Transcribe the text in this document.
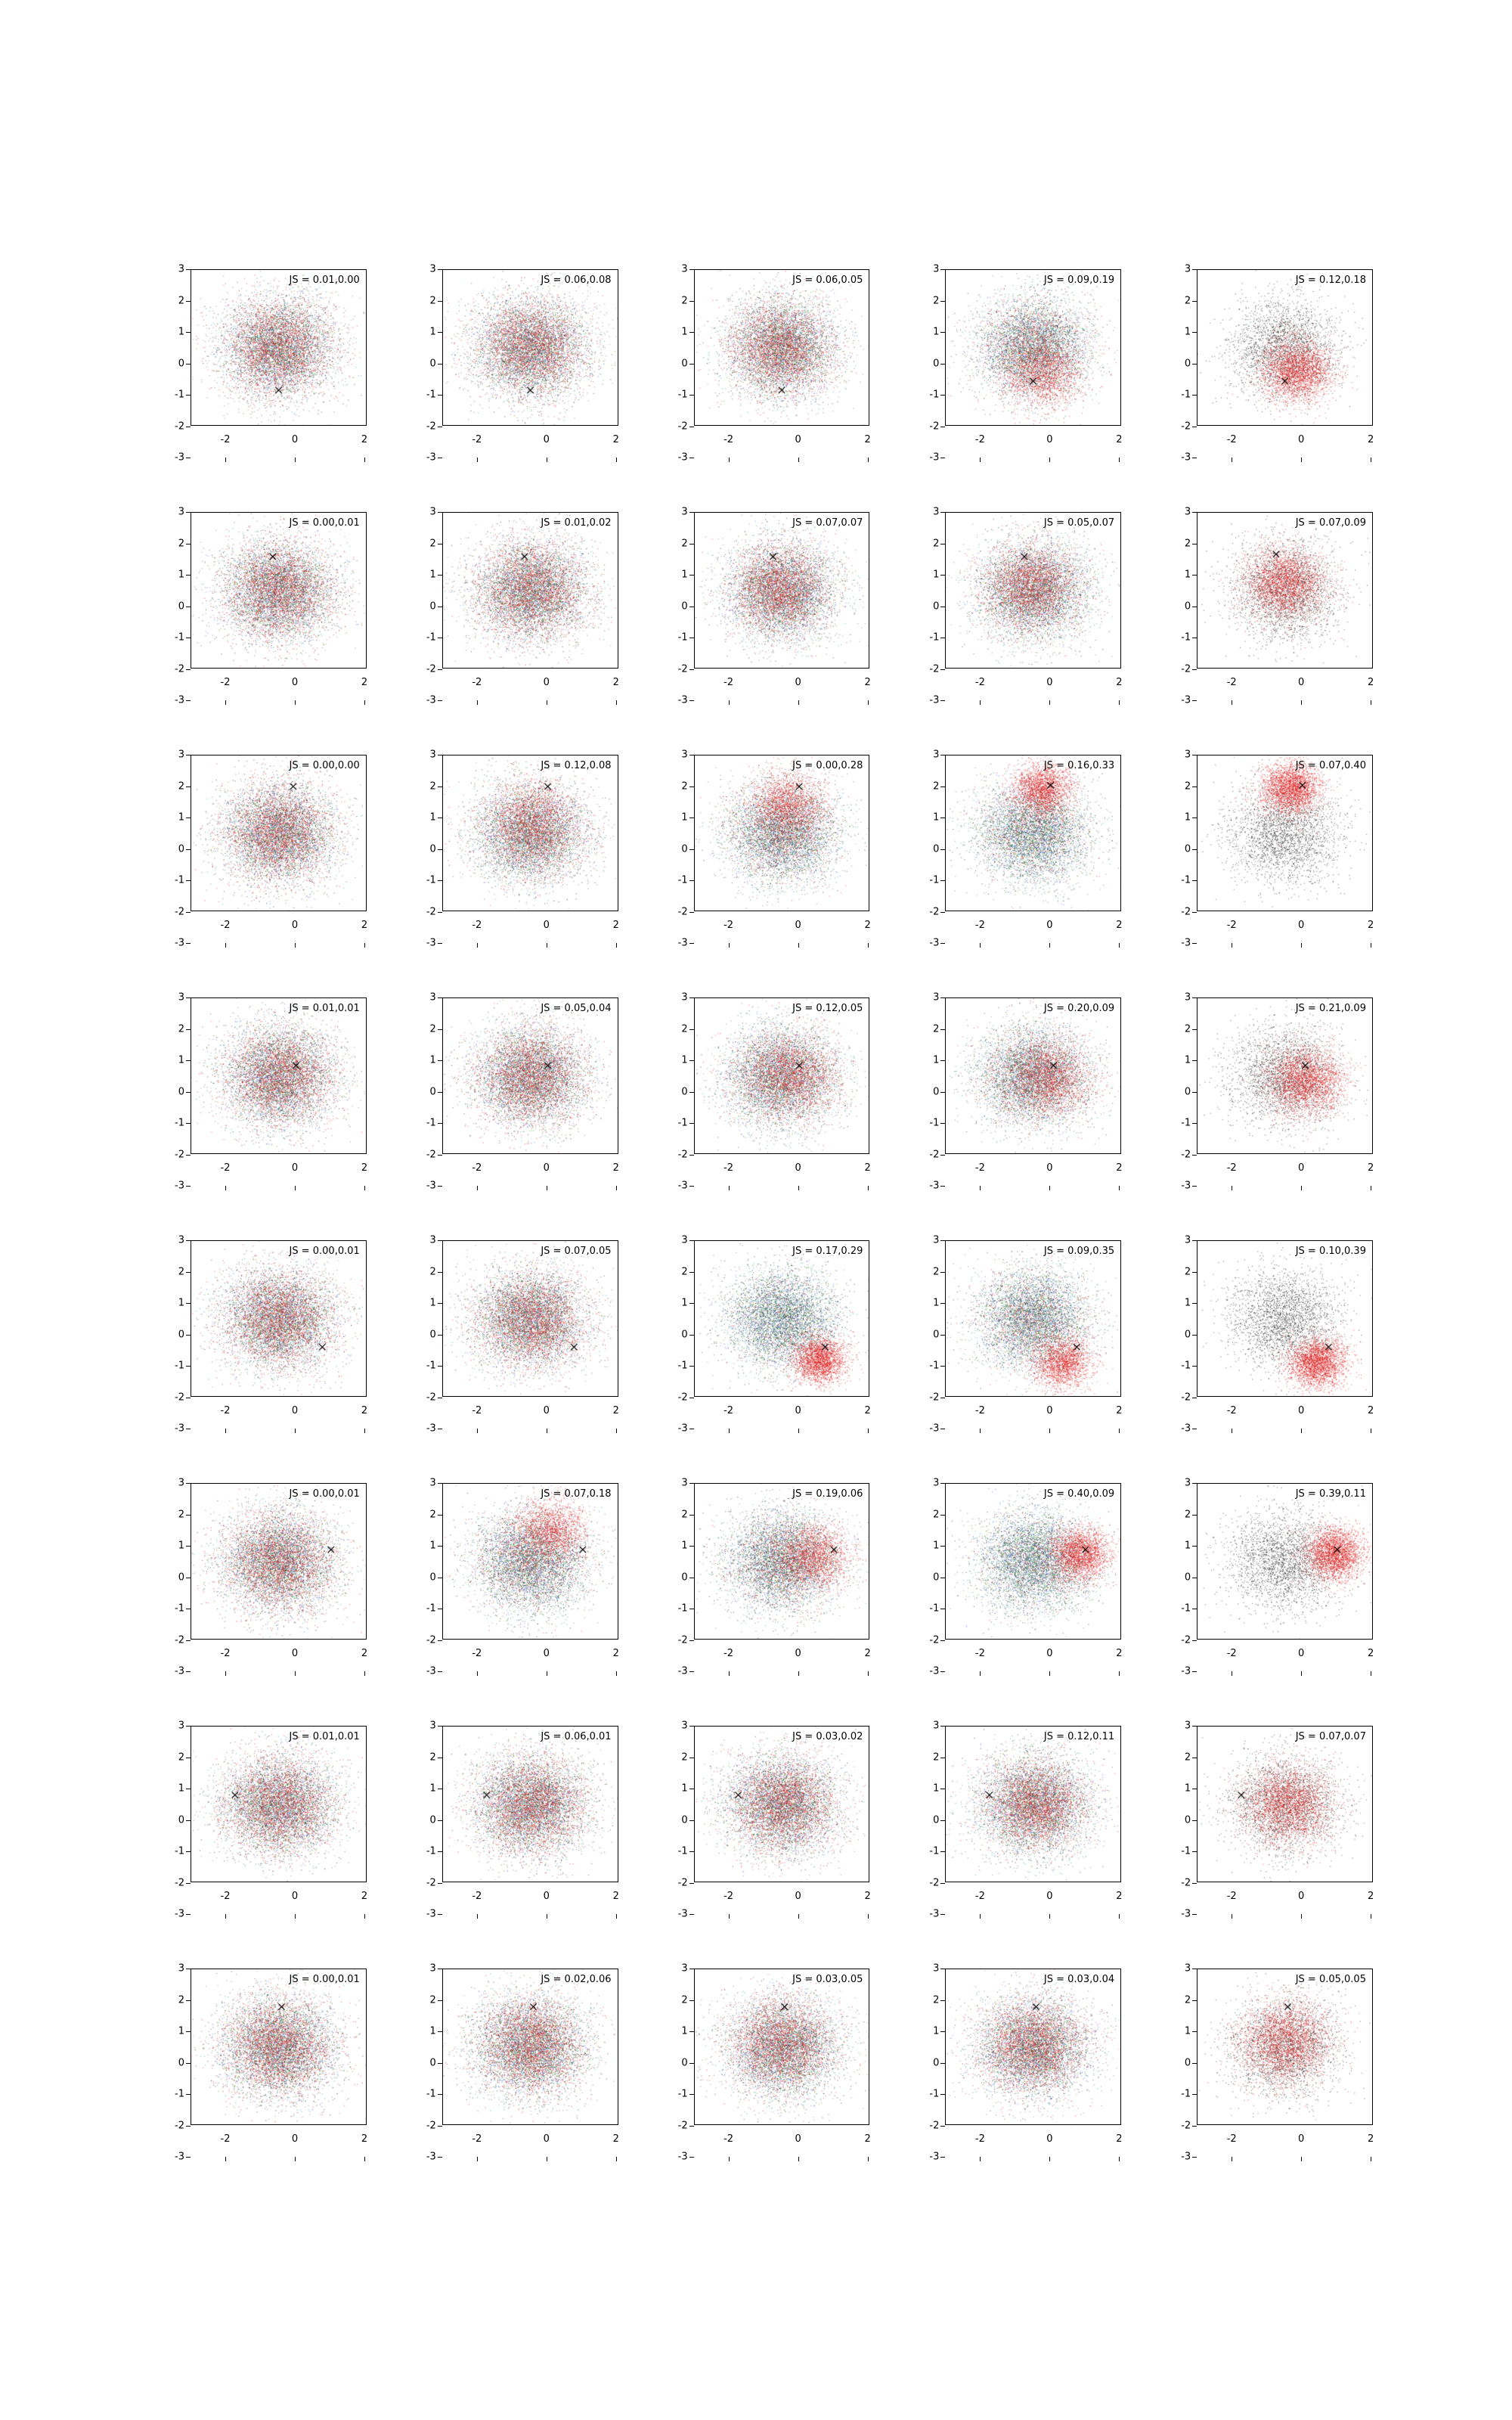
JS = 0.01,0.00
3
2
1
0
-1
-2
-3
-2	0	2
JS = 0.06,0.08
3
2
1
0
-1
-2
-3
-2	0	2
JS = 0.06,0.05
3
2
1
0
-1
-2
-3
-2	0	2
JS = 0.09,0.19
3
2
1
0
-1
-2
-3
-2	0	2
JS = 0.12,0.18
3
2
1
0
-1
-2
-3
-2	0	2
JS = 0.00,0.01
3
2
1
0
-1
-2
-3
-2	0	2
JS = 0.01,0.02
3
2
1
0
-1
-2
-3
-2	0	2
JS = 0.07,0.07
3
2
1
0
-1
-2
-3
-2	0	2
JS = 0.05,0.07
3
2
1
0
-1
-2
-3
-2	0	2
JS = 0.07,0.09
3
2
1
0
-1
-2
-3
-2	0	2
JS = 0.00,0.00
3
2
1
0
-1
-2
-3
-2	0	2
JS = 0.12,0.08
3
2
1
0
-1
-2
-3
-2	0	2
JS = 0.00,0.28
3
2
1
0
-1
-2
-3
-2	0	2
JS = 0.16,0.33
3
2
1
0
-1
-2
-3
-2	0	2
JS = 0.07,0.40
3
2
1
0
-1
-2
-3
-2	0	2
JS = 0.01,0.01
3
2
1
0
-1
-2
-3
-2	0	2
JS = 0.05,0.04
3
2
1
0
-1
-2
-3
-2	0	2
JS = 0.12,0.05
3
2
1
0
-1
-2
-3
-2	0	2
JS = 0.20,0.09
3
2
1
0
-1
-2
-3
-2	0	2
JS = 0.21,0.09
3
2
1
0
-1
-2
-3
-2	0	2
JS = 0.00,0.01
3
2
1
0
-1
-2
-3
-2	0	2
JS = 0.07,0.05
3
2
1
0
-1
-2
-3
-2	0	2
JS = 0.17,0.29
3
2
1
0
-1
-2
-3
-2	0	2
JS = 0.09,0.35
3
2
1
0
-1
-2
-3
-2	0	2
JS = 0.10,0.39
3
2
1
0
-1
-2
-3
-2	0	2
JS = 0.00,0.01
3
2
1
0
-1
-2
-3
-2	0	2
JS = 0.07,0.18
3
2
1
0
-1
-2
-3
-2	0	2
JS = 0.19,0.06
3
2
1
0
-1
-2
-3
-2	0	2
JS = 0.40,0.09
3
2
1
0
-1
-2
-3
-2	0	2
JS = 0.39,0.11
3
2
1
0
-1
-2
-3
-2	0	2
JS = 0.01,0.01
3
2
1
0
-1
-2
-3
-2	0	2
JS = 0.06,0.01
3
2
1
0
-1
-2
-3
-2	0	2
JS = 0.03,0.02
3
2
1
0
-1
-2
-3
-2	0	2
JS = 0.12,0.11
3
2
1
0
-1
-2
-3
-2	0	2
JS = 0.07,0.07
3
2
1
0
-1
-2
-3
-2	0	2
JS = 0.00,0.01
3
2
1
0
-1
-2
-3
-2	0	2
JS = 0.02,0.06
3
2
1
0
-1
-2
-3
-2	0	2
JS = 0.03,0.05
3
2
1
0
-1
-2
-3
-2	0	2
JS = 0.03,0.04
3
2
1
0
-1
-2
-3
-2	0	2
JS = 0.05,0.05
3
2
1
0
-1
-2
-3
-2	0	2
